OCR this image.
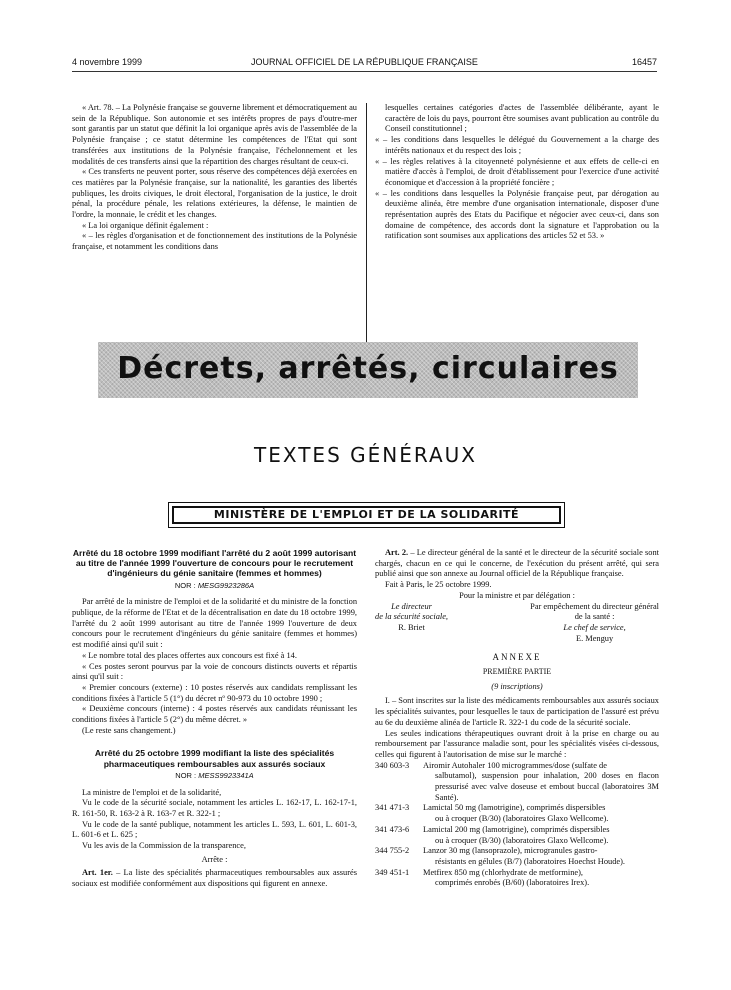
4 novembre 1999	JOURNAL OFFICIEL DE LA RÉPUBLIQUE FRANÇAISE	16457

« Art. 78. – La Polynésie française se gouverne librement et démocratiquement au sein de la République. Son autonomie et ses intérêts propres de pays d'outre-mer sont garantis par un statut que définit la loi organique après avis de l'assemblée de la Polynésie française ; ce statut détermine les compétences de l'Etat qui sont transférées aux institutions de la Polynésie française, l'échelonnement et les modalités de ces transferts ainsi que la répartition des charges résultant de ceux-ci.

« Ces transferts ne peuvent porter, sous réserve des compétences déjà exercées en ces matières par la Polynésie française, sur la nationalité, les garanties des libertés publiques, les droits civiques, le droit électoral, l'organisation de la justice, le droit pénal, la procédure pénale, les relations extérieures, la défense, le maintien de l'ordre, la monnaie, le crédit et les changes.

« La loi organique définit également :

« – les règles d'organisation et de fonctionnement des institutions de la Polynésie française, et notamment les conditions dans

lesquelles certaines catégories d'actes de l'assemblée délibérante, ayant le caractère de lois du pays, pourront être soumises avant publication au contrôle du Conseil constitutionnel ;

« – les conditions dans lesquelles le délégué du Gouvernement a la charge des intérêts nationaux et du respect des lois ;

« – les règles relatives à la citoyenneté polynésienne et aux effets de celle-ci en matière d'accès à l'emploi, de droit d'établissement pour l'exercice d'une activité économique et d'accession à la propriété foncière ;

« – les conditions dans lesquelles la Polynésie française peut, par dérogation au deuxième alinéa, être membre d'une organisation internationale, disposer d'une représentation auprès des Etats du Pacifique et négocier avec ceux-ci, dans son domaine de compétence, des accords dont la signature et l'approbation ou la ratification sont soumises aux applications des articles 52 et 53. »

Décrets, arrêtés, circulaires
TEXTES GÉNÉRAUX
MINISTÈRE DE L'EMPLOI ET DE LA SOLIDARITÉ
Arrêté du 18 octobre 1999 modifiant l'arrêté du 2 août 1999 autorisant au titre de l'année 1999 l'ouverture de concours pour le recrutement d'ingénieurs du génie sanitaire (femmes et hommes)
NOR : MESG9923286A

Par arrêté de la ministre de l'emploi et de la solidarité et du ministre de la fonction publique, de la réforme de l'Etat et de la décentralisation en date du 18 octobre 1999, l'arrêté du 2 août 1999 autorisant au titre de l'année 1999 l'ouverture de deux concours pour le recrutement d'ingénieurs du génie sanitaire (femmes et hommes) est modifié ainsi qu'il suit :

« Le nombre total des places offertes aux concours est fixé à 14.

« Ces postes seront pourvus par la voie de concours distincts ouverts et répartis ainsi qu'il suit :

« Premier concours (externe) : 10 postes réservés aux candidats remplissant les conditions fixées à l'article 5 (1°) du décret nº 90-973 du 10 octobre 1990 ;

« Deuxième concours (interne) : 4 postes réservés aux candidats réunissant les conditions fixées à l'article 5 (2°) du même décret. »

(Le reste sans changement.)

Arrêté du 25 octobre 1999 modifiant la liste des spécialités pharmaceutiques remboursables aux assurés sociaux
NOR : MESS9923341A

La ministre de l'emploi et de la solidarité,

Vu le code de la sécurité sociale, notamment les articles L. 162-17, L. 162-17-1, R. 161-50, R. 163-2 à R. 163-7 et R. 322-1 ;

Vu le code de la santé publique, notamment les articles L. 593, L. 601, L. 601-3, L. 601-6 et L. 625 ;

Vu les avis de la Commission de la transparence,

Arrête :

Art. 1er. – La liste des spécialités pharmaceutiques remboursables aux assurés sociaux est modifiée conformément aux dispositions qui figurent en annexe.

Art. 2. – Le directeur général de la santé et le directeur de la sécurité sociale sont chargés, chacun en ce qui le concerne, de l'exécution du présent arrêté, qui sera publié ainsi que son annexe au Journal officiel de la République française.

Fait à Paris, le 25 octobre 1999.

Pour la ministre et par délégation :

Le directeur
de la sécurité sociale,
R. Briet
Par empêchement du directeur général
de la santé :
Le chef de service,
E. Menguy
ANNEXE
PREMIÈRE PARTIE
(9 inscriptions)

I. – Sont inscrites sur la liste des médicaments remboursables aux assurés sociaux les spécialités suivantes, pour lesquelles le taux de participation de l'assuré est prévu au 6e du deuxième alinéa de l'article R. 322-1 du code de la sécurité sociale.

Les seules indications thérapeutiques ouvrant droit à la prise en charge ou au remboursement par l'assurance maladie sont, pour les spécialités visées ci-dessous, celles qui figurent à l'autorisation de mise sur le marché :

340 603-3	Airomir Autohaler 100 microgrammes/dose (sulfate de

salbutamol), suspension pour inhalation, 200 doses en flacon pressurisé avec valve doseuse et embout buccal (laboratoires 3M Santé).
341 471-3	Lamictal 50 mg (lamotrigine), comprimés dispersibles

ou à croquer (B/30) (laboratoires Glaxo Wellcome).
341 473-6	Lamictal 200 mg (lamotrigine), comprimés dispersibles

ou à croquer (B/30) (laboratoires Glaxo Wellcome).
344 755-2	Lanzor 30 mg (lansoprazole), microgranules gastro-

résistants en gélules (B/7) (laboratoires Hoechst Houde).
349 451-1	Metfirex 850 mg (chlorhydrate de metformine),

comprimés enrobés (B/60) (laboratoires Irex).
